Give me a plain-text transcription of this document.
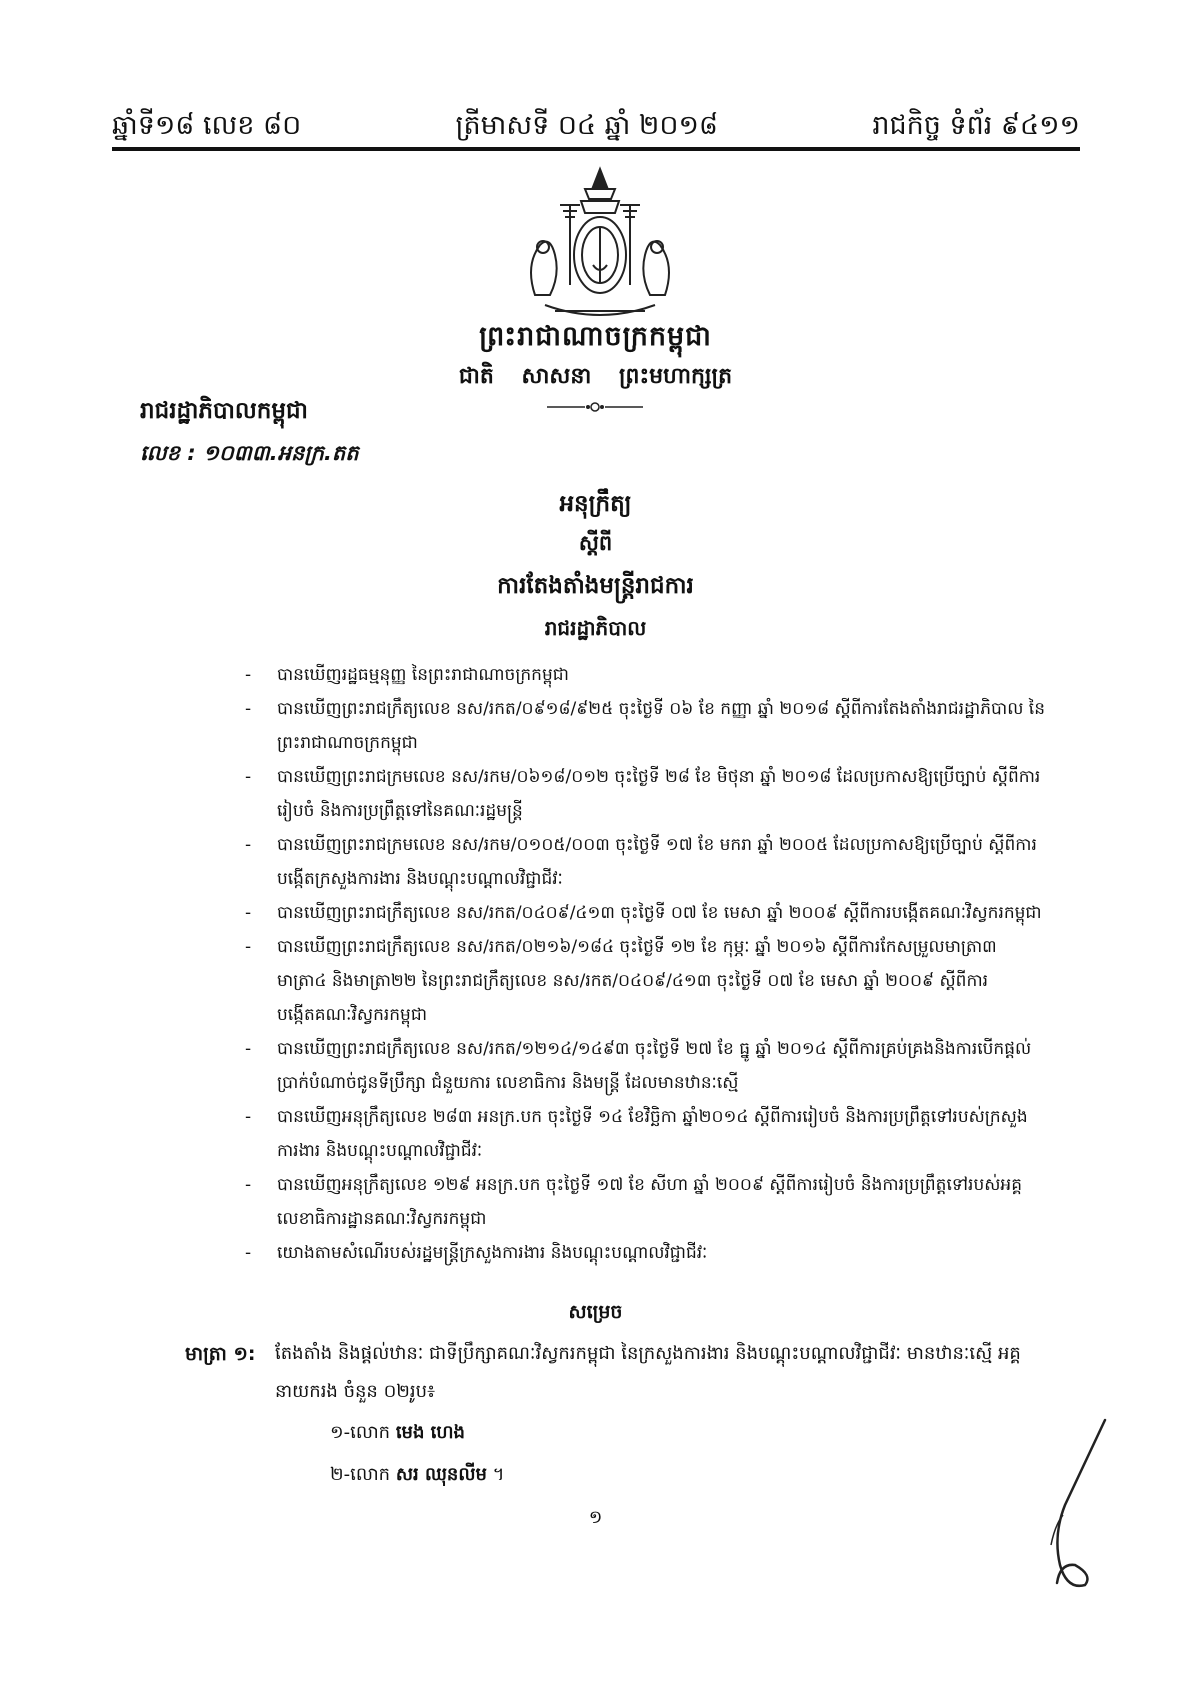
ឆ្នាំទី១៨ លេខ ៨០	ត្រីមាសទី ០៤ ឆ្នាំ ២០១៨	រាជកិច្ច ទំព័រ ៩៤១១
ព្រះរាជាណាចក្រកម្ពុជា
ជាតិ សាសនា ព្រះមហាក្សត្រ
រាជរដ្ឋាភិបាលកម្ពុជា
លេខ : ១០៣៣.អនក្រ.តត
អនុក្រឹត្យ
ស្តីពី
ការតែងតាំងមន្ត្រីរាជការ
រាជរដ្ឋាភិបាល
- បានឃើញរដ្ឋធម្មនុញ្ញ នៃព្រះរាជាណាចក្រកម្ពុជា
- បានឃើញព្រះរាជក្រឹត្យលេខ នស/រកត/០៩១៨/៩២៥ ចុះថ្ងៃទី ០៦ ខែ កញ្ញា ឆ្នាំ ២០១៨ ស្តីពីការតែងតាំងរាជរដ្ឋាភិបាល នៃព្រះរាជាណាចក្រកម្ពុជា
- បានឃើញព្រះរាជក្រមលេខ នស/រកម/០៦១៨/០១២ ចុះថ្ងៃទី ២៨ ខែ មិថុនា ឆ្នាំ ២០១៨ ដែលប្រកាសឱ្យប្រើច្បាប់ ស្តីពីការរៀបចំ និងការប្រព្រឹត្តទៅនៃគណៈរដ្ឋមន្ត្រី
- បានឃើញព្រះរាជក្រមលេខ នស/រកម/០១០៥/០០៣ ចុះថ្ងៃទី ១៧ ខែ មករា ឆ្នាំ ២០០៥ ដែលប្រកាសឱ្យប្រើច្បាប់ ស្តីពីការបង្កើតក្រសួងការងារ និងបណ្តុះបណ្តាលវិជ្ជាជីវៈ
- បានឃើញព្រះរាជក្រឹត្យលេខ នស/រកត/០៤០៩/៤១៣ ចុះថ្ងៃទី ០៧ ខែ មេសា ឆ្នាំ ២០០៩ ស្តីពីការបង្កើតគណៈវិស្វករកម្ពុជា
- បានឃើញព្រះរាជក្រឹត្យលេខ នស/រកត/០២១៦/១៨៤ ចុះថ្ងៃទី ១២ ខែ កុម្ភៈ ឆ្នាំ ២០១៦ ស្តីពីការកែសម្រួលមាត្រា៣ មាត្រា៤ និងមាត្រា២២ នៃព្រះរាជក្រឹត្យលេខ នស/រកត/០៤០៩/៤១៣ ចុះថ្ងៃទី ០៧ ខែ មេសា ឆ្នាំ ២០០៩ ស្តីពីការបង្កើតគណៈវិស្វករកម្ពុជា
- បានឃើញព្រះរាជក្រឹត្យលេខ នស/រកត/១២១៤/១៤៩៣ ចុះថ្ងៃទី ២៧ ខែ ធ្នូ ឆ្នាំ ២០១៤ ស្តីពីការគ្រប់គ្រងនិងការបើកផ្តល់ប្រាក់បំណាច់ជូនទីប្រឹក្សា ជំនួយការ លេខាធិការ និងមន្ត្រី ដែលមានឋានៈស្មើ
- បានឃើញអនុក្រឹត្យលេខ ២៨៣ អនក្រ.បក ចុះថ្ងៃទី ១៤ ខែវិច្ឆិកា ឆ្នាំ២០១៤ ស្តីពីការរៀបចំ និងការប្រព្រឹត្តទៅរបស់ក្រសួងការងារ និងបណ្តុះបណ្តាលវិជ្ជាជីវៈ
- បានឃើញអនុក្រឹត្យលេខ ១២៩ អនក្រ.បក ចុះថ្ងៃទី ១៧ ខែ សីហា ឆ្នាំ ២០០៩ ស្តីពីការរៀបចំ និងការប្រព្រឹត្តទៅរបស់អគ្គលេខាធិការដ្ឋានគណៈវិស្វករកម្ពុជា
- យោងតាមសំណើរបស់រដ្ឋមន្ត្រីក្រសួងការងារ និងបណ្តុះបណ្តាលវិជ្ជាជីវៈ
សម្រេច
មាត្រា ១: តែងតាំង និងផ្តល់ឋានៈ ជាទីប្រឹក្សាគណៈវិស្វករកម្ពុជា នៃក្រសួងការងារ និងបណ្តុះបណ្តាលវិជ្ជាជីវៈ មានឋានៈស្មើ អគ្គនាយករង ចំនួន ០២រូប៖
១-លោក មេង ហេង
២-លោក សរ ឈុនលីម ។
១
